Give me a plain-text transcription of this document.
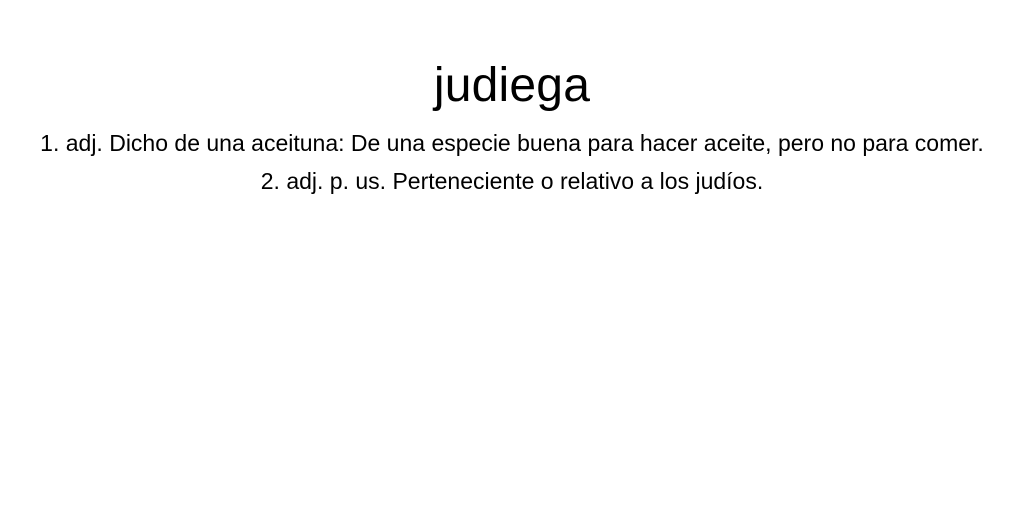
judiega
1. adj. Dicho de una aceituna: De una especie buena para hacer aceite, pero no para comer.
2. adj. p. us. Perteneciente o relativo a los judíos.
